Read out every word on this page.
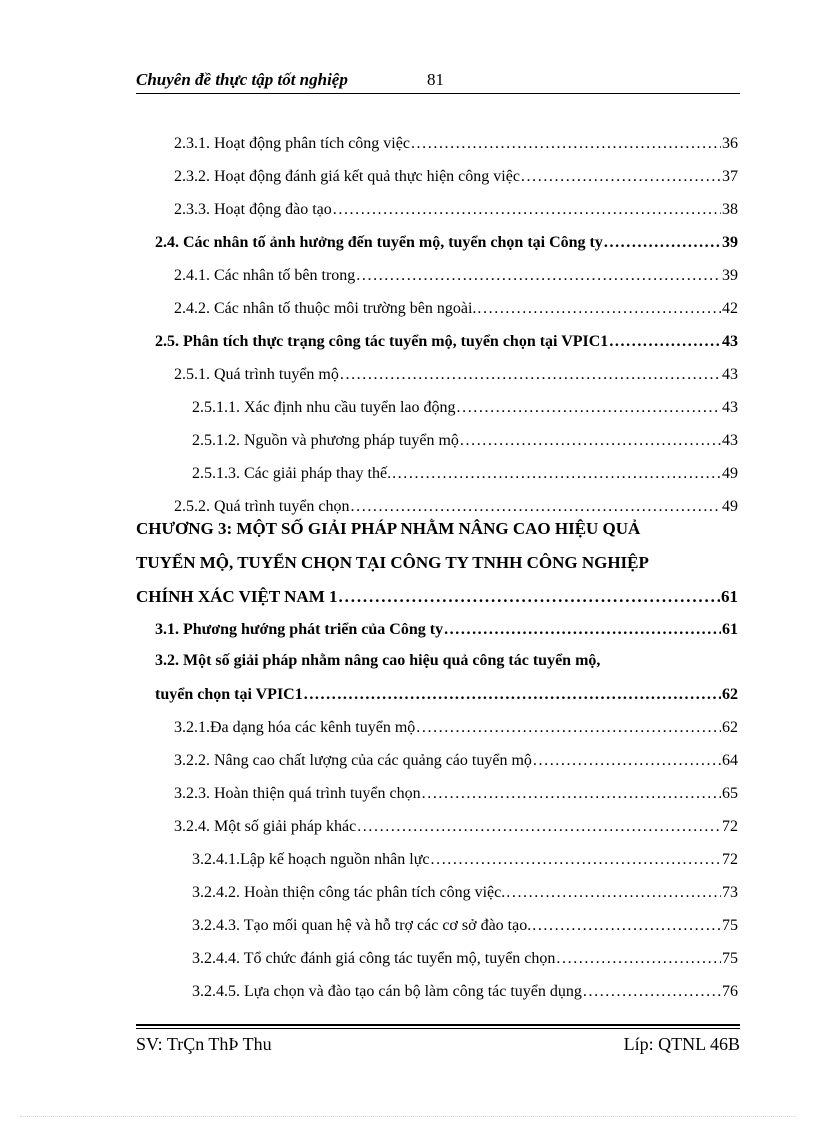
Chuyên đề thực tập tốt nghiệp	81
2.3.1. Hoạt động phân tích công việc . . .	36
2.3.2. Hoạt động đánh giá kết quả thực hiện công việc . . .	37
2.3.3. Hoạt động đào tạo . . .	38
2.4. Các nhân tố ảnh hưởng đến tuyển mộ, tuyển chọn tại Công ty . . .	39
2.4.1. Các nhân tố bên trong . . .	39
2.4.2. Các nhân tố thuộc môi trường bên ngoài. . . .	42
2.5. Phân tích thực trạng công tác tuyển mộ, tuyển chọn tại VPIC1 . . .	43
2.5.1. Quá trình tuyển mộ . . .	43
2.5.1.1. Xác định nhu cầu tuyển lao động . . .	43
2.5.1.2. Nguồn và phương pháp tuyển mộ . . .	43
2.5.1.3. Các giải pháp thay thế. . . .	49
2.5.2. Quá trình tuyển chọn . . .	49
CHƯƠNG 3: MỘT SỐ GIẢI PHÁP NHẰM NÂNG CAO HIỆU QUẢ
TUYỂN MỘ, TUYỂN CHỌN TẠI CÔNG TY TNHH CÔNG NGHIỆP
CHÍNH XÁC VIỆT NAM 1 . . .	61
3.1. Phương hướng phát triển của Công ty . . .	61
3.2. Một số giải pháp nhằm nâng cao hiệu quả công tác tuyển mộ,
tuyển chọn tại VPIC1 . . .	62
3.2.1.Đa dạng hóa các kênh tuyển mộ . . .	62
3.2.2. Nâng cao chất lượng của các quảng cáo tuyển mộ . . .	64
3.2.3. Hoàn thiện quá trình tuyển chọn . . .	65
3.2.4. Một số giải pháp khác . . .	72
3.2.4.1.Lập kế hoạch nguồn nhân lực . . .	72
3.2.4.2. Hoàn thiện công tác phân tích công việc. . . .	73
3.2.4.3. Tạo mối quan hệ và hỗ trợ các cơ sở đào tạo. . . .	75
3.2.4.4. Tổ chức đánh giá công tác tuyển mộ, tuyển chọn . . .	75
3.2.4.5. Lựa chọn và đào tạo cán bộ làm công tác tuyển dụng . . .	76
SV: TrÇn ThÞ Thu	Líp: QTNL 46B
